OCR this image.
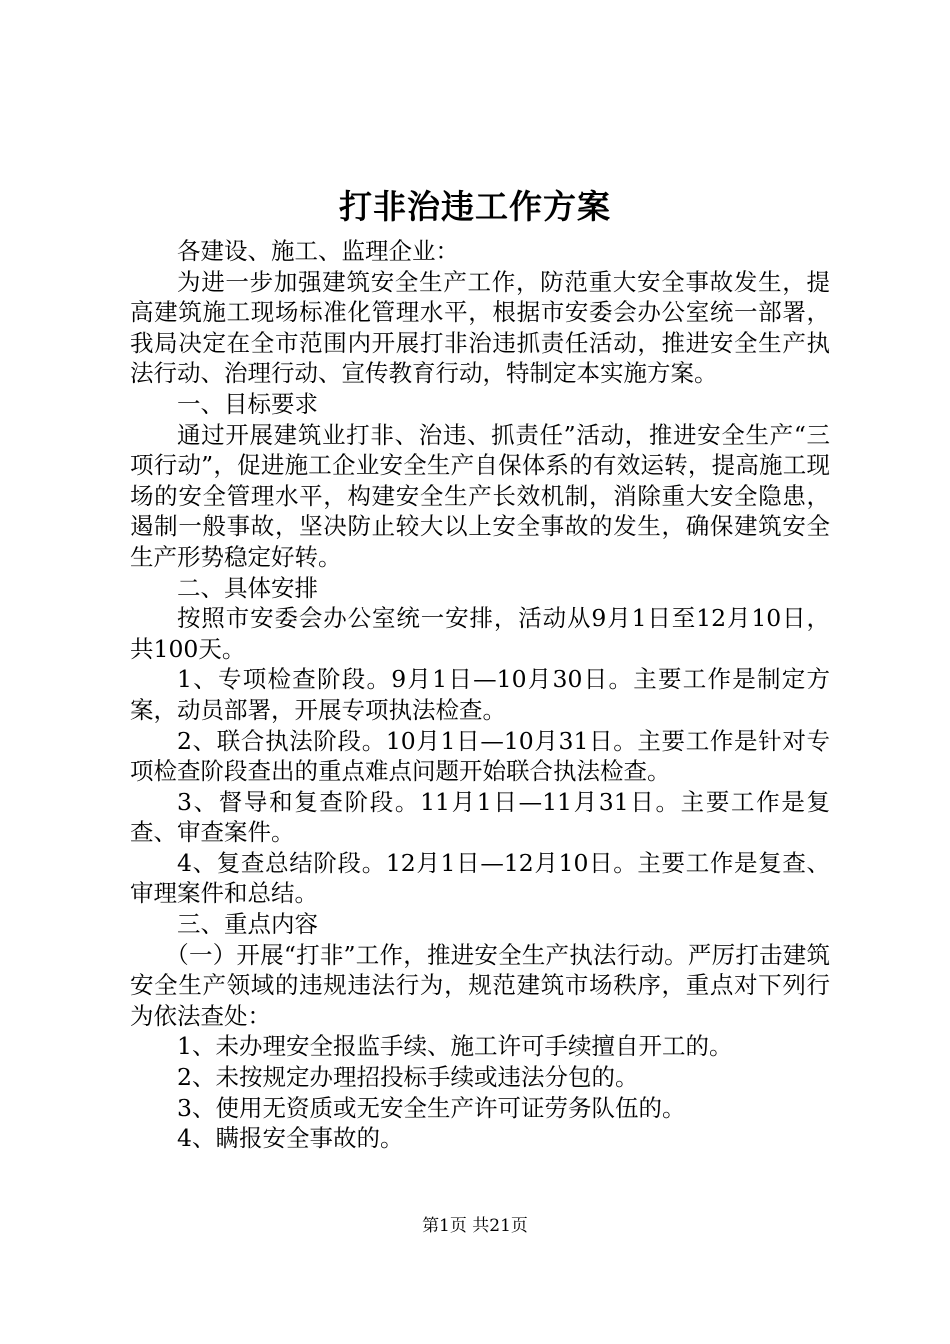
打非治违工作方案

各建设、施工、监理企业：

为进一步加强建筑安全生产工作，防范重大安全事故发生，提高建筑施工现场标准化管理水平，根据市安委会办公室统一部署，我局决定在全市范围内开展打非治违抓责任活动，推进安全生产执法行动、治理行动、宣传教育行动，特制定本实施方案。

一、目标要求

通过开展建筑业打非、治违、抓责任”活动，推进安全生产“三项行动”，促进施工企业安全生产自保体系的有效运转，提高施工现场的安全管理水平，构建安全生产长效机制，消除重大安全隐患，遏制一般事故，坚决防止较大以上安全事故的发生，确保建筑安全生产形势稳定好转。

二、具体安排

按照市安委会办公室统一安排，活动从9月1日至12月10日，共100天。

1、专项检查阶段。9月1日—10月30日。主要工作是制定方案，动员部署，开展专项执法检查。

2、联合执法阶段。10月1日—10月31日。主要工作是针对专项检查阶段查出的重点难点问题开始联合执法检查。

3、督导和复查阶段。11月1日—11月31日。主要工作是复查、审查案件。

4、复查总结阶段。12月1日—12月10日。主要工作是复查、审理案件和总结。

三、重点内容

（一）开展“打非”工作，推进安全生产执法行动。严厉打击建筑安全生产领域的违规违法行为，规范建筑市场秩序，重点对下列行为依法查处：

1、未办理安全报监手续、施工许可手续擅自开工的。

2、未按规定办理招投标手续或违法分包的。

3、使用无资质或无安全生产许可证劳务队伍的。

4、瞒报安全事故的。

第1页 共21页
